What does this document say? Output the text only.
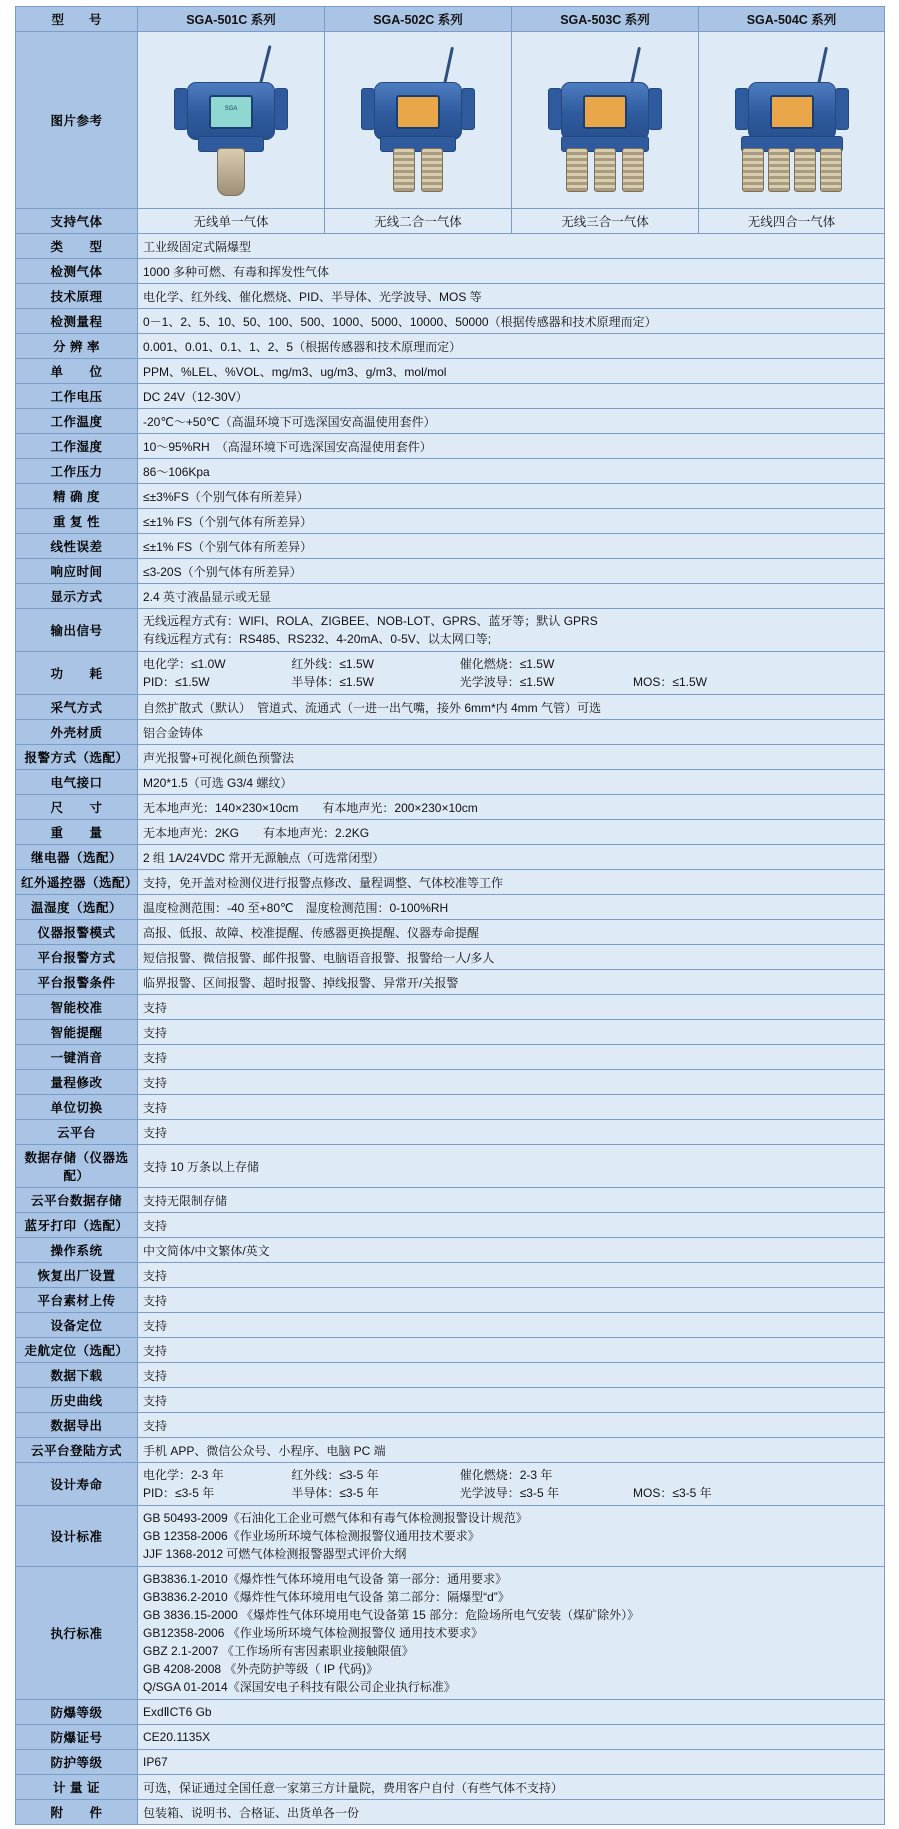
型　　号	SGA-501C 系列	SGA-502C 系列	SGA-503C 系列	SGA-504C 系列
图片参考	SGA			

支持气体	无线单一气体	无线二合一气体	无线三合一气体	无线四合一气体
类　　型	工业级固定式隔爆型			
检测气体	1000 多种可燃、有毒和挥发性气体			
技术原理	电化学、红外线、催化燃烧、PID、半导体、光学波导、MOS 等			
检测量程	0－1、2、5、10、50、100、500、1000、5000、10000、50000（根据传感器和技术原理而定）			
分 辨 率	0.001、0.01、0.1、1、2、5（根据传感器和技术原理而定）			
单　　位	PPM、%LEL、%VOL、mg/m3、ug/m3、g/m3、mol/mol			
工作电压	DC 24V（12-30V）			
工作温度	-20℃～+50℃（高温环境下可选深国安高温使用套件）			
工作湿度	10～95%RH　（高湿环境下可选深国安高湿使用套件）			
工作压力	86～106Kpa			
精 确 度	≤±3%FS（个别气体有所差异）			
重 复 性	≤±1% FS（个别气体有所差异）			
线性误差	≤±1% FS（个别气体有所差异）			
响应时间	≤3-20S（个别气体有所差异）			
显示方式	2.4 英寸液晶显示或无显			
输出信号	无线远程方式有：WIFI、ROLA、ZIGBEE、NOB-LOT、GPRS、蓝牙等；默认 GPRS
有线远程方式有：RS485、RS232、4-20mA、0-5V、以太网口等;			

功　　耗	电化学：≤1.0W 红外线：≤1.5W 催化燃烧：≤1.5W
PID：≤1.5W 半导体：≤1.5W 光学波导：≤1.5W MOS：≤1.5W			

采气方式	自然扩散式（默认）　管道式、流通式（一进一出气嘴，接外 6mm*内 4mm 气管）可选			
外壳材质	铝合金铸体			
报警方式（选配）	声光报警+可视化颜色预警法			
电气接口	M20*1.5（可选 G3/4 螺纹）			
尺　　寸	无本地声光：140×230×10cm　　有本地声光：200×230×10cm			
重　　量	无本地声光：2KG　　有本地声光：2.2KG			
继电器（选配）	2 组 1A/24VDC 常开无源触点（可选常闭型）			
红外遥控器（选配）	支持，免开盖对检测仪进行报警点修改、量程调整、气体校准等工作			
温湿度（选配）	温度检测范围：-40 至+80℃　湿度检测范围：0-100%RH			
仪器报警模式	高报、低报、故障、校准提醒、传感器更换提醒、仪器寿命提醒			
平台报警方式	短信报警、微信报警、邮件报警、电脑语音报警、报警给一人/多人			
平台报警条件	临界报警、区间报警、超时报警、掉线报警、异常开/关报警			
智能校准	支持			
智能提醒	支持			
一键消音	支持			
量程修改	支持			
单位切换	支持			
云平台	支持			
数据存储（仪器选配）	支持 10 万条以上存储			
云平台数据存储	支持无限制存储			
蓝牙打印（选配）	支持			
操作系统	中文简体/中文繁体/英文			
恢复出厂设置	支持			
平台素材上传	支持			
设备定位	支持			
走航定位（选配）	支持			
数据下载	支持			
历史曲线	支持			
数据导出	支持			
云平台登陆方式	手机 APP、微信公众号、小程序、电脑 PC 端			
设计寿命	电化学：2-3 年 红外线：≤3-5 年 催化燃烧：2-3 年
PID：≤3-5 年 半导体：≤3-5 年 光学波导：≤3-5 年 MOS：≤3-5 年			

设计标准	GB 50493-2009《石油化工企业可燃气体和有毒气体检测报警设计规范》
GB 12358-2006《作业场所环境气体检测报警仪通用技术要求》
JJF 1368-2012 可燃气体检测报警器型式评价大纲			

执行标准	
GB3836.1-2010《爆炸性气体环境用电气设备 第一部分：通用要求》
GB3836.2-2010《爆炸性气体环境用电气设备 第二部分：隔爆型“d”》
GB 3836.15-2000 《爆炸性气体环境用电气设备第 15 部分：危险场所电气安装（煤矿除外）》
GB12358-2006 《作业场所环境气体检测报警仪 通用技术要求》
GBZ 2.1-2007 《工作场所有害因素职业接触限值》
GB 4208-2008 《外壳防护等级（ IP 代码)》
Q/SGA 01-2014《深国安电子科技有限公司企业执行标准》

防爆等级	ExdⅡCT6 Gb			
防爆证号	CE20.1135X			
防护等级	IP67			
计 量 证	可选，保证通过全国任意一家第三方计量院，费用客户自付（有些气体不支持）			
附　　件	包装箱、说明书、合格证、出货单各一份			
